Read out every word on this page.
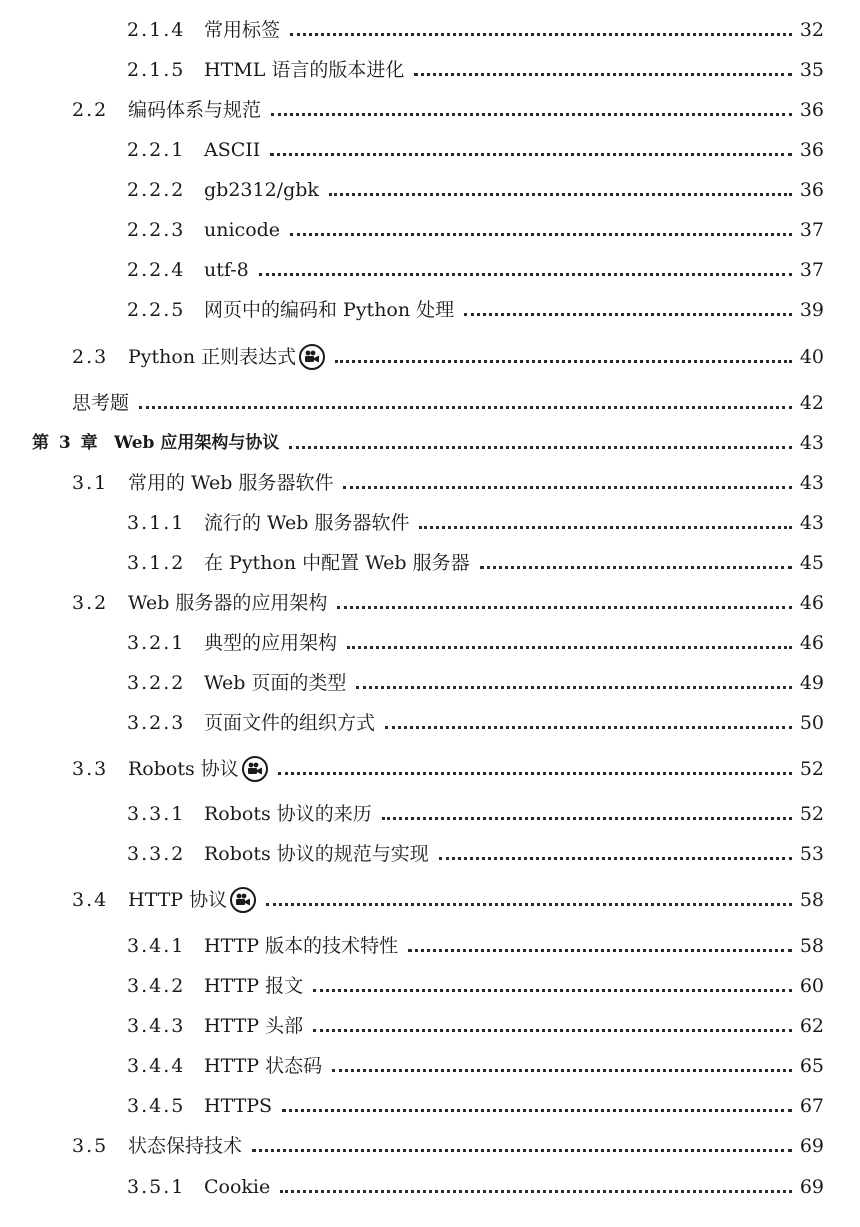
2.1.4 常用标签	32
2.1.5 HTML 语言的版本进化	35
2.2 编码体系与规范	36
2.2.1 ASCII	36
2.2.2 gb2312/gbk	36
2.2.3 unicode	37
2.2.4 utf-8	37
2.2.5 网页中的编码和 Python 处理	39
2.3 Python 正则表达式	40
思考题	42
第 3 章 Web 应用架构与协议	43
3.1 常用的 Web 服务器软件	43
3.1.1 流行的 Web 服务器软件	43
3.1.2 在 Python 中配置 Web 服务器	45
3.2 Web 服务器的应用架构	46
3.2.1 典型的应用架构	46
3.2.2 Web 页面的类型	49
3.2.3 页面文件的组织方式	50
3.3 Robots 协议	52
3.3.1 Robots 协议的来历	52
3.3.2 Robots 协议的规范与实现	53
3.4 HTTP 协议	58
3.4.1 HTTP 版本的技术特性	58
3.4.2 HTTP 报文	60
3.4.3 HTTP 头部	62
3.4.4 HTTP 状态码	65
3.4.5 HTTPS	67
3.5 状态保持技术	69
3.5.1 Cookie	69
